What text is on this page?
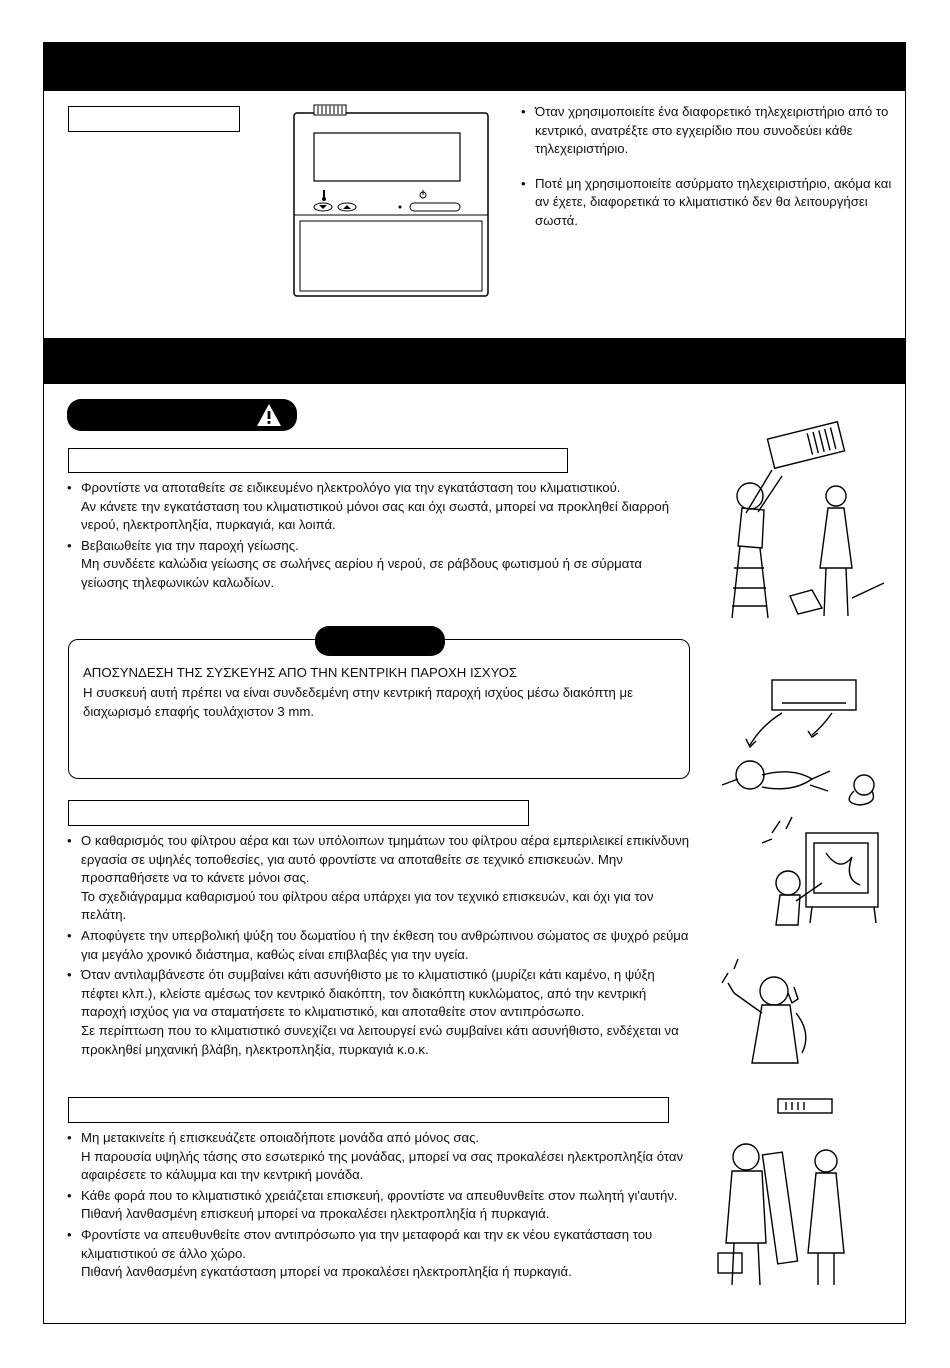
• Όταν χρησιμοποιείτε ένα διαφορετικό τηλεχειριστήριο από το κεντρικό, ανατρέξτε στο εγχειρίδιο που συνοδεύει κάθε τηλεχειριστήριο.
• Ποτέ μη χρησιμοποιείτε ασύρματο τηλεχειριστήριο, ακόμα και αν έχετε, διαφορετικά το κλιματιστικό δεν θα λειτουργήσει σωστά.
• Φροντίστε να αποταθείτε σε ειδικευμένο ηλεκτρολόγο για την εγκατάσταση του κλιματιστικού.
Αν κάνετε την εγκατάσταση του κλιματιστικού μόνοι σας και όχι σωστά, μπορεί να προκληθεί διαρροή νερού, ηλεκτροπληξία, πυρκαγιά, και λοιπά.
• Βεβαιωθείτε για την παροχή γείωσης.
Μη συνδέετε καλώδια γείωσης σε σωλήνες αερίου ή νερού, σε ράβδους φωτισμού ή σε σύρματα γείωσης τηλεφωνικών καλωδίων.
ΑΠΟΣΥΝΔΕΣΗ ΤΗΣ ΣΥΣΚΕΥΗΣ ΑΠΟ ΤΗΝ ΚΕΝΤΡΙΚΗ ΠΑΡΟΧΗ ΙΣΧΥΟΣ
Η συσκευή αυτή πρέπει να είναι συνδεδεμένη στην κεντρική παροχή ισχύος μέσω διακόπτη με διαχωρισμό επαφής τουλάχιστον 3 mm.
• Ο καθαρισμός του φίλτρου αέρα και των υπόλοιπων τμημάτων του φίλτρου αέρα εμπεριλεικεί επικίνδυνη εργασία σε υψηλές τοποθεσίες, για αυτό φροντίστε να αποταθείτε σε τεχνικό επισκευών. Μην προσπαθήσετε να το κάνετε μόνοι σας.
Το σχεδιάγραμμα καθαρισμού του φίλτρου αέρα υπάρχει για τον τεχνικό επισκευών, και όχι για τον πελάτη.
• Αποφύγετε την υπερβολική ψύξη του δωματίου ή την έκθεση του ανθρώπινου σώματος σε ψυχρό ρεύμα για μεγάλο χρονικό διάστημα, καθώς είναι επιβλαβές για την υγεία.
• Όταν αντιλαμβάνεστε ότι συμβαίνει κάτι ασυνήθιστο με το κλιματιστικό (μυρίζει κάτι καμένο, η ψύξη πέφτει κλπ.), κλείστε αμέσως τον κεντρικό διακόπτη, τον διακόπτη κυκλώματος, από την κεντρική παροχή ισχύος για να σταματήσετε το κλιματιστικό, και αποταθείτε στον αντιπρόσωπο.
Σε περίπτωση που το κλιματιστικό συνεχίζει να λειτουργεί ενώ συμβαίνει κάτι ασυνήθιστο, ενδέχεται να προκληθεί μηχανική βλάβη, ηλεκτροπληξία, πυρκαγιά κ.ο.κ.
• Μη μετακινείτε ή επισκευάζετε οποιαδήποτε μονάδα από μόνος σας.
Η παρουσία υψηλής τάσης στο εσωτερικό της μονάδας, μπορεί να σας προκαλέσει ηλεκτροπληξία όταν αφαιρέσετε το κάλυμμα και την κεντρική μονάδα.
• Κάθε φορά που το κλιματιστικό χρειάζεται επισκευή, φροντίστε να απευθυνθείτε στον πωλητή γι'αυτήν.
Πιθανή λανθασμένη επισκευή μπορεί να προκαλέσει ηλεκτροπληξία ή πυρκαγιά.
• Φροντίστε να απευθυνθείτε στον αντιπρόσωπο για την μεταφορά και την εκ νέου εγκατάσταση του κλιματιστικού σε άλλο χώρο.
Πιθανή λανθασμένη εγκατάσταση μπορεί να προκαλέσει ηλεκτροπληξία ή πυρκαγιά.
